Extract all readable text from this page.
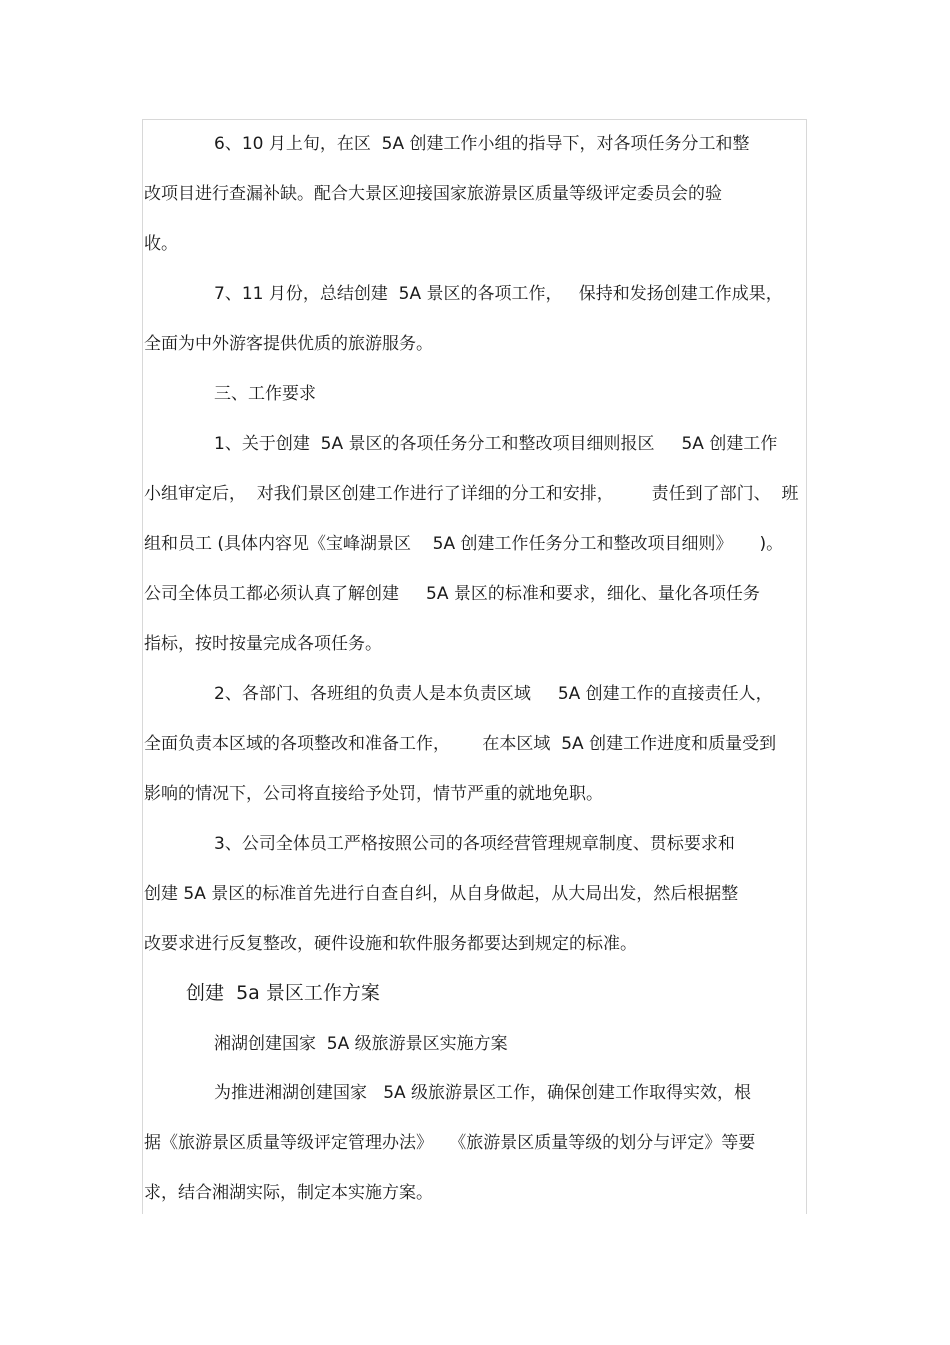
6、10 月上旬，在区  5A 创建工作小组的指导下，对各项任务分工和整
改项目进行查漏补缺。配合大景区迎接国家旅游景区质量等级评定委员会的验
收。
7、11 月份，总结创建  5A 景区的各项工作，   保持和发扬创建工作成果，
全面为中外游客提供优质的旅游服务。
三、工作要求
1、关于创建  5A 景区的各项任务分工和整改项目细则报区     5A 创建工作
小组审定后，  对我们景区创建工作进行了详细的分工和安排，       责任到了部门、  班
组和员工 (具体内容见《宝峰湖景区    5A 创建工作任务分工和整改项目细则》     )。
公司全体员工都必须认真了解创建     5A 景区的标准和要求，细化、量化各项任务
指标，按时按量完成各项任务。
2、各部门、各班组的负责人是本负责区域     5A 创建工作的直接责任人，
全面负责本区域的各项整改和准备工作，      在本区域  5A 创建工作进度和质量受到
影响的情况下，公司将直接给予处罚，情节严重的就地免职。
3、公司全体员工严格按照公司的各项经营管理规章制度、贯标要求和
创建 5A 景区的标准首先进行自查自纠，从自身做起，从大局出发，然后根据整
改要求进行反复整改，硬件设施和软件服务都要达到规定的标准。
创建  5a 景区工作方案
湘湖创建国家  5A 级旅游景区实施方案
为推进湘湖创建国家   5A 级旅游景区工作，确保创建工作取得实效，根
据《旅游景区质量等级评定管理办法》   《旅游景区质量等级的划分与评定》等要
求，结合湘湖实际，制定本实施方案。
